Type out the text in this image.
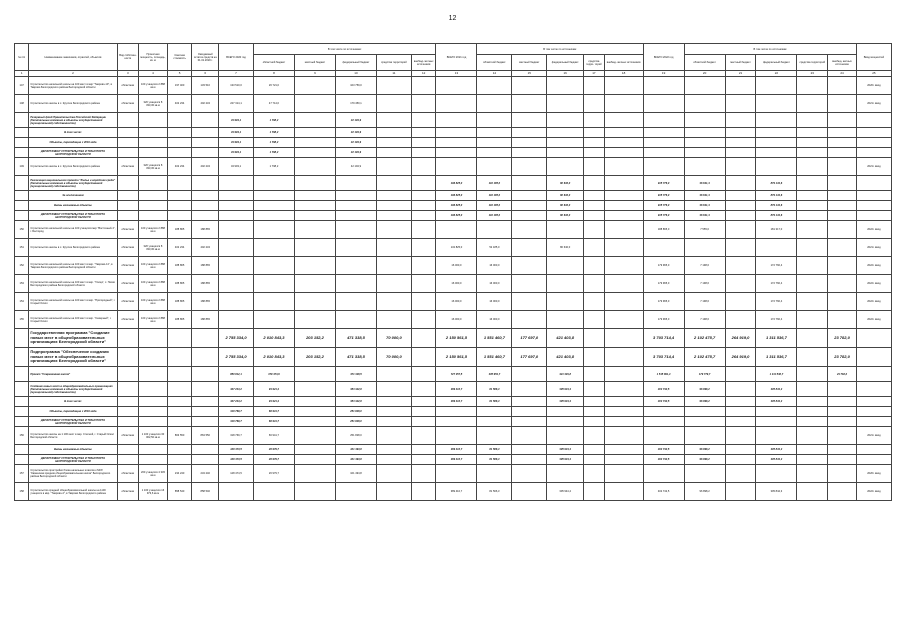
12
№ п/п	Наименование заказчиков, отраслей, объектов	Вид собствен- ности	Проектная мощность, площадь, кв. м	Сметная стоимость	Ожидаемый остаток средств на 01.01.2020 г.	ВСЕГО 2020 год	В том числе по источникам:					ВСЕГО 2021 год	В том числе по источникам:					ВСЕГО 2022 год	В том числе по источникам:					Ввод мощностей
							областной бюджет	местный бюджет	федеральный бюджет	средства территорий	внебюд- жетных источников		областной бюджет	местный бюджет	федеральный бюджет	средства терри- торий	внебюд- жетных источников		областной бюджет	местный бюджет	федеральный бюджет	средства территорий	внебюд- жетных источников	
1	2	3	4	5	6	7	8	9	10	11	12	13	14	15	16	17	18	19	20	21	22	23	24	25
147	Строительство начальной школы на 100 мест в мкр "Таврово-10", в Таврово Белгородского района Белгородской области	областная	100 учащихся 2 888 кв.м	197 400	133 510	133 510,0	26 721,0		103 759,0															2020г. ввод
148	Строительство школы в с. Круглое Белгородского района	областная	320 учащихся 8 333,30 кв.м	402 234	402 234	227 314,1	47 714,0		179 450,1															2021г. ввод
	Резервный фонд Правительства Российской Федерации (Капитальные вложения в объекты государственной (муниципальной) собственности)					43 993,1	1 798,2		42 194,9															
	В том числе:					43 993,1	1 798,2		42 194,9															
	Объекты, переходящие с 2019 года					43 993,1	1 798,2		42 194,9															
	ДЕПАРТАМЕНТ СТРОИТЕЛЬСТВА И ТРАНСПОРТА БЕЛГОРОДСКОЙ ОБЛАСТИ					43 993,1	1 798,2		42 194,9															
149	Строительство школы в с. Круглое Белгородского района	областная	320 учащихся 8 333,30 кв.м	402 234	402 234	43 993,1	1 798,2		42 194,9															2021г. ввод
	Реализация национального проекта "Жилье и городская среда" (Капитальные вложения в объекты государственной (муниципальной) собственности)											196 825,0	116 185,0		80 640,0			915 776,0	36 631,4		879 144,6			
	За исключением											196 825,0	116 185,0		80 640,0			915 776,0	36 631,4		879 144,6			
	Вновь начинаемые объекты											196 825,0	116 185,0		80 640,0			915 776,0	36 631,4		879 144,6			
	ДЕПАРТАМЕНТ СТРОИТЕЛЬСТВА И ТРАНСПОРТА БЕЛГОРОДСКОЙ ОБЛАСТИ											196 825,0	116 185,0		80 640,0			915 776,0	36 631,4		879 144,6			
150	Строительство начальной школы на 100 учащихся мкр "Восточный-1", г. Белгород	областная	100 учащихся 2 888 кв.м	188 865	188 865													188 865,0	7 555,0		181 317,0			2022г. ввод
151	Строительство школы в с. Круглое Белгородского района	областная	320 учащихся 8 333,30 кв.м	402 234	402 234							132 825,0	52 185,0		80 640,0									2021г. ввод
152	Строительство начальной школы на 100 мест в мкр. "Таврово-11", в Таврово Белгородского района Белгородской области	областная	100 учащихся 2 888 кв.м	188 865	188 865							16 000,0	16 000,0					179 965,0	7 198,6		172 766,4			2022г. ввод
153	Строительство начальной школы на 100 мест в мкр. "Улица", с. Пески Белгородского района Белгородской области	областная	100 учащихся 2 888 кв.м	188 865	188 865							16 000,0	16 000,0					179 965,0	7 198,6		172 766,4			2022г. ввод
154	Строительство начальной школы на 100 мест в мкр. "Пригородный", г. Старый Оскол	областная	100 учащихся 2 888 кв.м	188 865	188 865							16 000,0	16 000,0					179 965,0	7 198,6		172 766,4			2022г. ввод
155	Строительство начальной школы на 100 мест в мкр. "Северный", г. Старый Оскол	областная	100 учащихся 2 888 кв.м	188 865	188 865							16 000,0	16 000,0					179 965,0	7 198,6		172 766,4			2022г. ввод
	Государственная программа "Создание новых мест в общеобразовательных организациях Белгородской области"					2 755 334,0	2 010 843,3	203 152,2	471 338,5	70 000,0		2 150 561,5	1 551 460,7	177 697,0	421 403,8			3 703 714,4	2 102 475,7	264 919,0	1 311 536,7		23 782,0	
	Подпрограмма "Обеспечение создания новых мест в общеобразовательных организациях Белгородской области"					2 755 334,0	2 010 843,3	203 152,2	471 338,5	70 000,0		2 150 561,5	1 551 460,7	177 697,0	421 403,8			3 703 714,4	2 102 475,7	264 919,0	1 311 536,7		23 782,0	
	Проект "Современная школа"					850 812,1	379 473,6		471 338,5			727 357,5	305 953,7		421 403,8			1 515 891,4	179 779,7		1 311 536,7		23 782,0	
	Создание новых мест в общеобразовательных организациях (Капитальные вложения в объекты государственной (муниципальной) собственности)					447 244,2	93 921,4		353 322,8			389 410,7	81 566,3		305 944,4			403 742,5	96 898,2		305 844,3			
	В том числе:					447 244,2	93 921,4		353 322,8			389 410,7	81 566,3		305 944,4			403 742,5	96 898,2		305 844,3			
	Объекты, переходящие с 2019 года					318 769,7	66 941,7		251 828,0															
	ДЕПАРТАМЕНТ СТРОИТЕЛЬСТВА И ТРАНСПОРТА БЕЛГОРОДСКОЙ ОБЛАСТИ					318 769,7	66 941,7		251 828,0															
156	Строительство школы на 1 100 мест в мкр. Степной, г. Старый Оскол Белгородской области	областная	1 100 учащихся 30 002,50 кв.м	863 550	863 550	318 769,7	66 941,7		251 828,0															2021г. ввод
	Вновь начинаемые объекты					128 474,5	26 979,7		101 494,8			389 410,7	81 566,3		305 944,4			402 742,5	96 898,2		305 844,3			
	ДЕПАРТАМЕНТ СТРОИТЕЛЬСТВА И ТРАНСПОРТА БЕЛГОРОДСКОЙ ОБЛАСТИ					128 474,5	26 979,7		101 494,8			389 410,7	81 566,3		305 944,4			402 742,5	96 898,2		305 844,3			
157	Строительство пристройки блока начальных классов к МОУ "Каменская средняя общеобразовательная школа" Белгородского района Белгородской области	областная	200 учащихся 4 345 кв.м	234 240	234 240	128 474,5	26 979,7		101 494,8															2020г. ввод
158	Строительство средней общеобразовательной школы на 1100 учащихся в мкр. "Таврово-4", в Таврово Белгородского района	областная	1 100 учащихся 16 973,6 кв.м	858 540	858 540							389 410,7	81 566,3		305 944,4			402 742,5	96 898,2		305 844,3			2022г. ввод
